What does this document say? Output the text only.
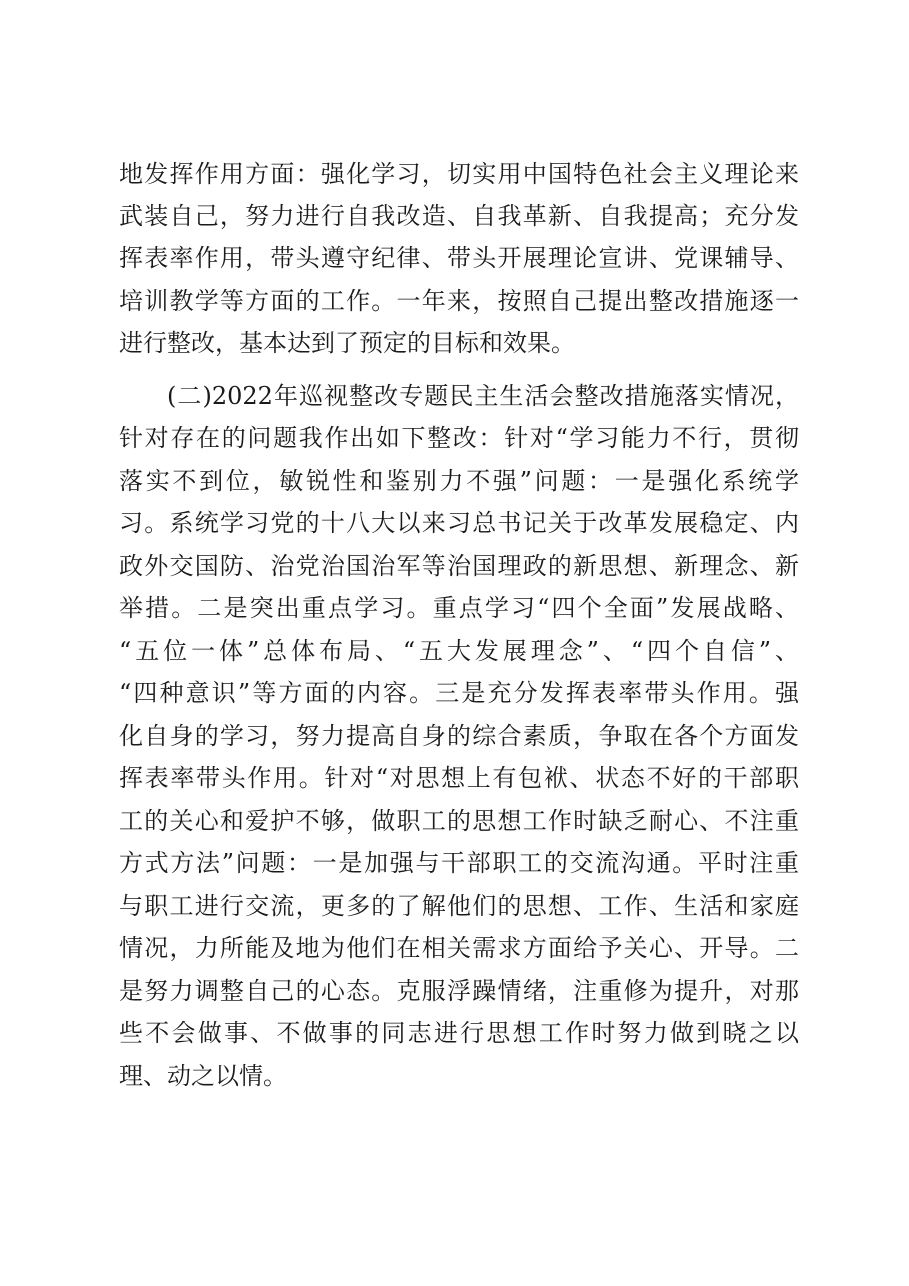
地发挥作用方面：强化学习，切实用中国特色社会主义理论来
武装自己，努力进行自我改造、自我革新、自我提高；充分发
挥表率作用，带头遵守纪律、带头开展理论宣讲、党课辅导、
培训教学等方面的工作。一年来，按照自己提出整改措施逐一
进行整改，基本达到了预定的目标和效果。
(二)2022年巡视整改专题民主生活会整改措施落实情况，
针对存在的问题我作出如下整改：针对“学习能力不行，贯彻
落实不到位，敏锐性和鉴别力不强”问题：一是强化系统学
习。系统学习党的十八大以来习总书记关于改革发展稳定、内
政外交国防、治党治国治军等治国理政的新思想、新理念、新
举措。二是突出重点学习。重点学习“四个全面”发展战略、
“五位一体”总体布局、“五大发展理念”、“四个自信”、
“四种意识”等方面的内容。三是充分发挥表率带头作用。强
化自身的学习，努力提高自身的综合素质，争取在各个方面发
挥表率带头作用。针对“对思想上有包袱、状态不好的干部职
工的关心和爱护不够，做职工的思想工作时缺乏耐心、不注重
方式方法”问题：一是加强与干部职工的交流沟通。平时注重
与职工进行交流，更多的了解他们的思想、工作、生活和家庭
情况，力所能及地为他们在相关需求方面给予关心、开导。二
是努力调整自己的心态。克服浮躁情绪，注重修为提升，对那
些不会做事、不做事的同志进行思想工作时努力做到晓之以
理、动之以情。
